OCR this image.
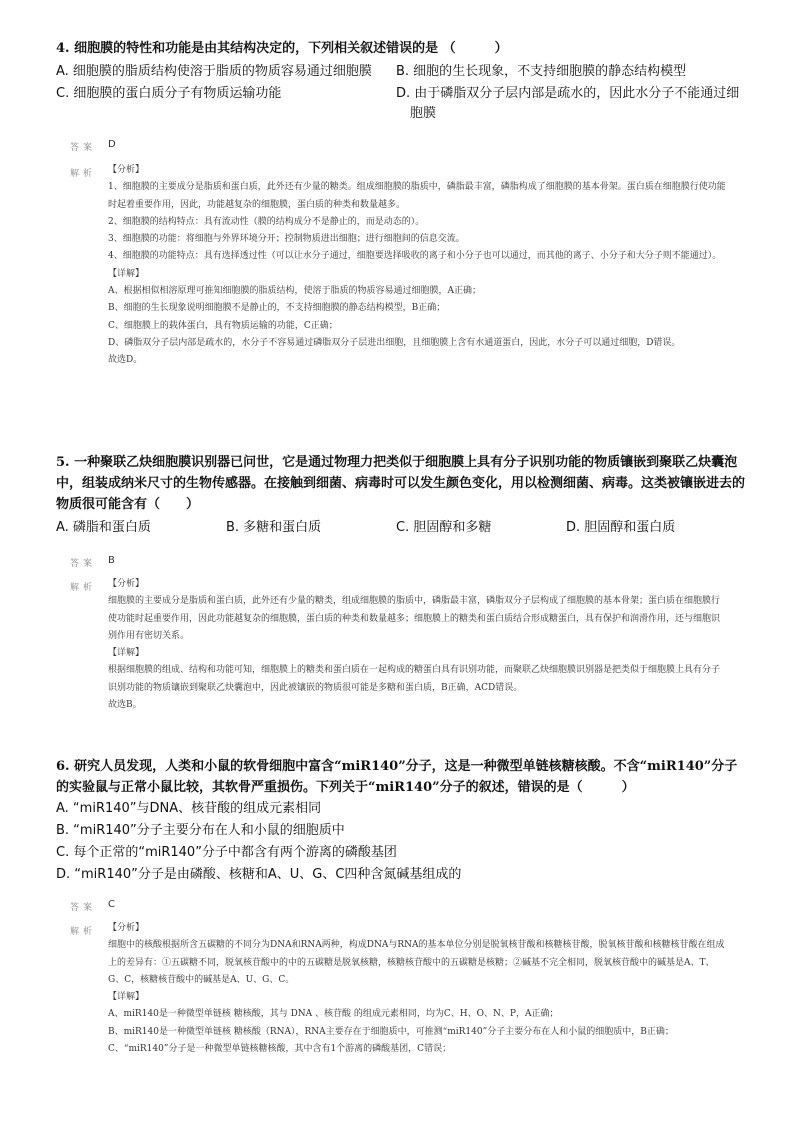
4. 细胞膜的特性和功能是由其结构决定的，下列相关叙述错误的是 （　　　）
A. 细胞膜的脂质结构使溶于脂质的物质容易通过细胞膜	B. 细胞的生长现象，不支持细胞膜的静态结构模型
C. 细胞膜的蛋白质分子有物质运输功能	D. 由于磷脂双分子层内部是疏水的，因此水分子不能通过细胞膜
答案 D
解析 【分析】

1、细胞膜的主要成分是脂质和蛋白质，此外还有少量的糖类。组成细胞膜的脂质中，磷脂最丰富，磷脂构成了细胞膜的基本骨架。蛋白质在细胞膜行使功能时起着重要作用，因此，功能越复杂的细胞膜，蛋白质的种类和数量越多。

2、细胞膜的结构特点：具有流动性（膜的结构成分不是静止的，而是动态的）。

3、细胞膜的功能：将细胞与外界环境分开；控制物质进出细胞；进行细胞间的信息交流。

4、细胞膜的功能特点：具有选择透过性（可以让水分子通过，细胞要选择吸收的离子和小分子也可以通过，而其他的离子、小分子和大分子则不能通过）。

【详解】

A、根据相似相溶原理可推知细胞膜的脂质结构，使溶于脂质的物质容易通过细胞膜，A正确；

B、细胞的生长现象说明细胞膜不是静止的，不支持细胞膜的静态结构模型，B正确；

C、细胞膜上的载体蛋白，具有物质运输的功能，C正确；

D、磷脂双分子层内部是疏水的，水分子不容易通过磷脂双分子层进出细胞，且细胞膜上含有水通道蛋白，因此，水分子可以通过细胞，D错误。

故选D。

5. 一种聚联乙炔细胞膜识别器已问世，它是通过物理力把类似于细胞膜上具有分子识别功能的物质镶嵌到聚联乙炔囊泡中，组装成纳米尺寸的生物传感器。在接触到细菌、病毒时可以发生颜色变化，用以检测细菌、病毒。这类被镶嵌进去的物质很可能含有（　　）
A. 磷脂和蛋白质	B. 多糖和蛋白质	C. 胆固醇和多糖	D. 胆固醇和蛋白质
答案 B
解析 【分析】

细胞膜的主要成分是脂质和蛋白质，此外还有少量的糖类，组成细胞膜的脂质中，磷脂最丰富，磷脂双分子层构成了细胞膜的基本骨架；蛋白质在细胞膜行使功能时起重要作用，因此功能越复杂的细胞膜，蛋白质的种类和数量越多；细胞膜上的糖类和蛋白质结合形成糖蛋白，具有保护和润滑作用，还与细胞识别作用有密切关系。

【详解】

根据细胞膜的组成、结构和功能可知，细胞膜上的糖类和蛋白质在一起构成的糖蛋白具有识别功能，而聚联乙炔细胞膜识别器是把类似于细胞膜上具有分子识别功能的物质镶嵌到聚联乙炔囊泡中，因此被镶嵌的物质很可能是多糖和蛋白质，B正确，ACD错误。

故选B。

6. 研究人员发现，人类和小鼠的软骨细胞中富含“miR140”分子，这是一种微型单链核糖核酸。不含“miR140”分子的实验鼠与正常小鼠比较，其软骨严重损伤。下列关于“miR140”分子的叙述，错误的是（　　　）
A. “miR140”与DNA、核苷酸的组成元素相同
B. “miR140”分子主要分布在人和小鼠的细胞质中
C. 每个正常的“miR140”分子中都含有两个游离的磷酸基团
D. “miR140”分子是由磷酸、核糖和A、U、G、C四种含氮碱基组成的
答案 C
解析 【分析】

细胞中的核酸根据所含五碳糖的不同分为DNA和RNA两种，构成DNA与RNA的基本单位分别是脱氧核苷酸和核糖核苷酸，脱氧核苷酸和核糖核苷酸在组成上的差异有：①五碳糖不同，脱氧核苷酸中的中的五碳糖是脱氧核糖，核糖核苷酸中的五碳糖是核糖；②碱基不完全相同，脱氧核苷酸中的碱基是A、T、G、C，核糖核苷酸中的碱基是A、U、G、C。

【详解】

A、miR140是一种微型单链核 糖核酸，其与 DNA 、核苷酸 的组成元素相同，均为C、H、O、N、P，A正确；

B、miR140是一种微型单链核 糖核酸（RNA），RNA主要存在于细胞质中，可推测“miR140”分子主要分布在人和小鼠的细胞质中，B正确；

C、“miR140”分子是一种微型单链核糖核酸，其中含有1个游离的磷酸基团，C错误；
